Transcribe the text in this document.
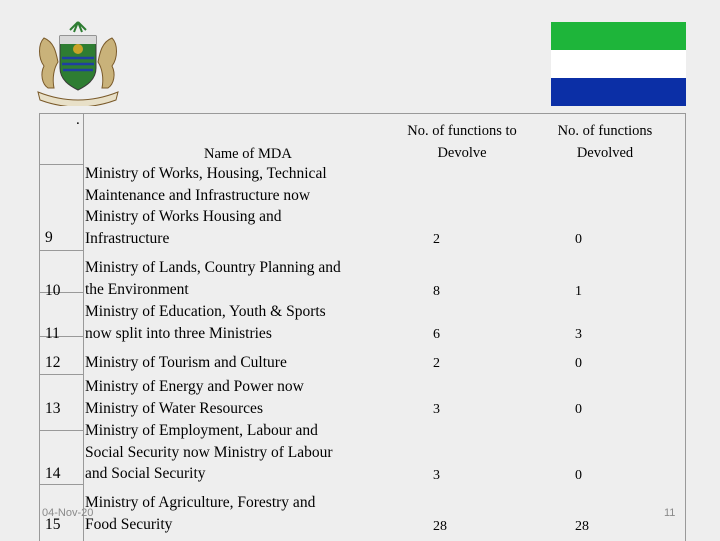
.
Name of MDA
No. of functions to
Devolve
No. of functions
Devolved
9
Ministry of Works, Housing, Technical
Maintenance and Infrastructure now
Ministry of Works Housing and
Infrastructure	2	0
10
Ministry of Lands, Country Planning and
the Environment	8	1
11
Ministry of Education, Youth & Sports
now split into three Ministries	6	3
12 Ministry of Tourism and Culture	2	0
13
Ministry of Energy and Power now
Ministry of Water Resources	3	0
14
Ministry of Employment, Labour and
Social Security now Ministry of Labour
and Social Security	3	0
15
Ministry of Agriculture, Forestry and
Food Security	28	28
04-Nov-20	11
